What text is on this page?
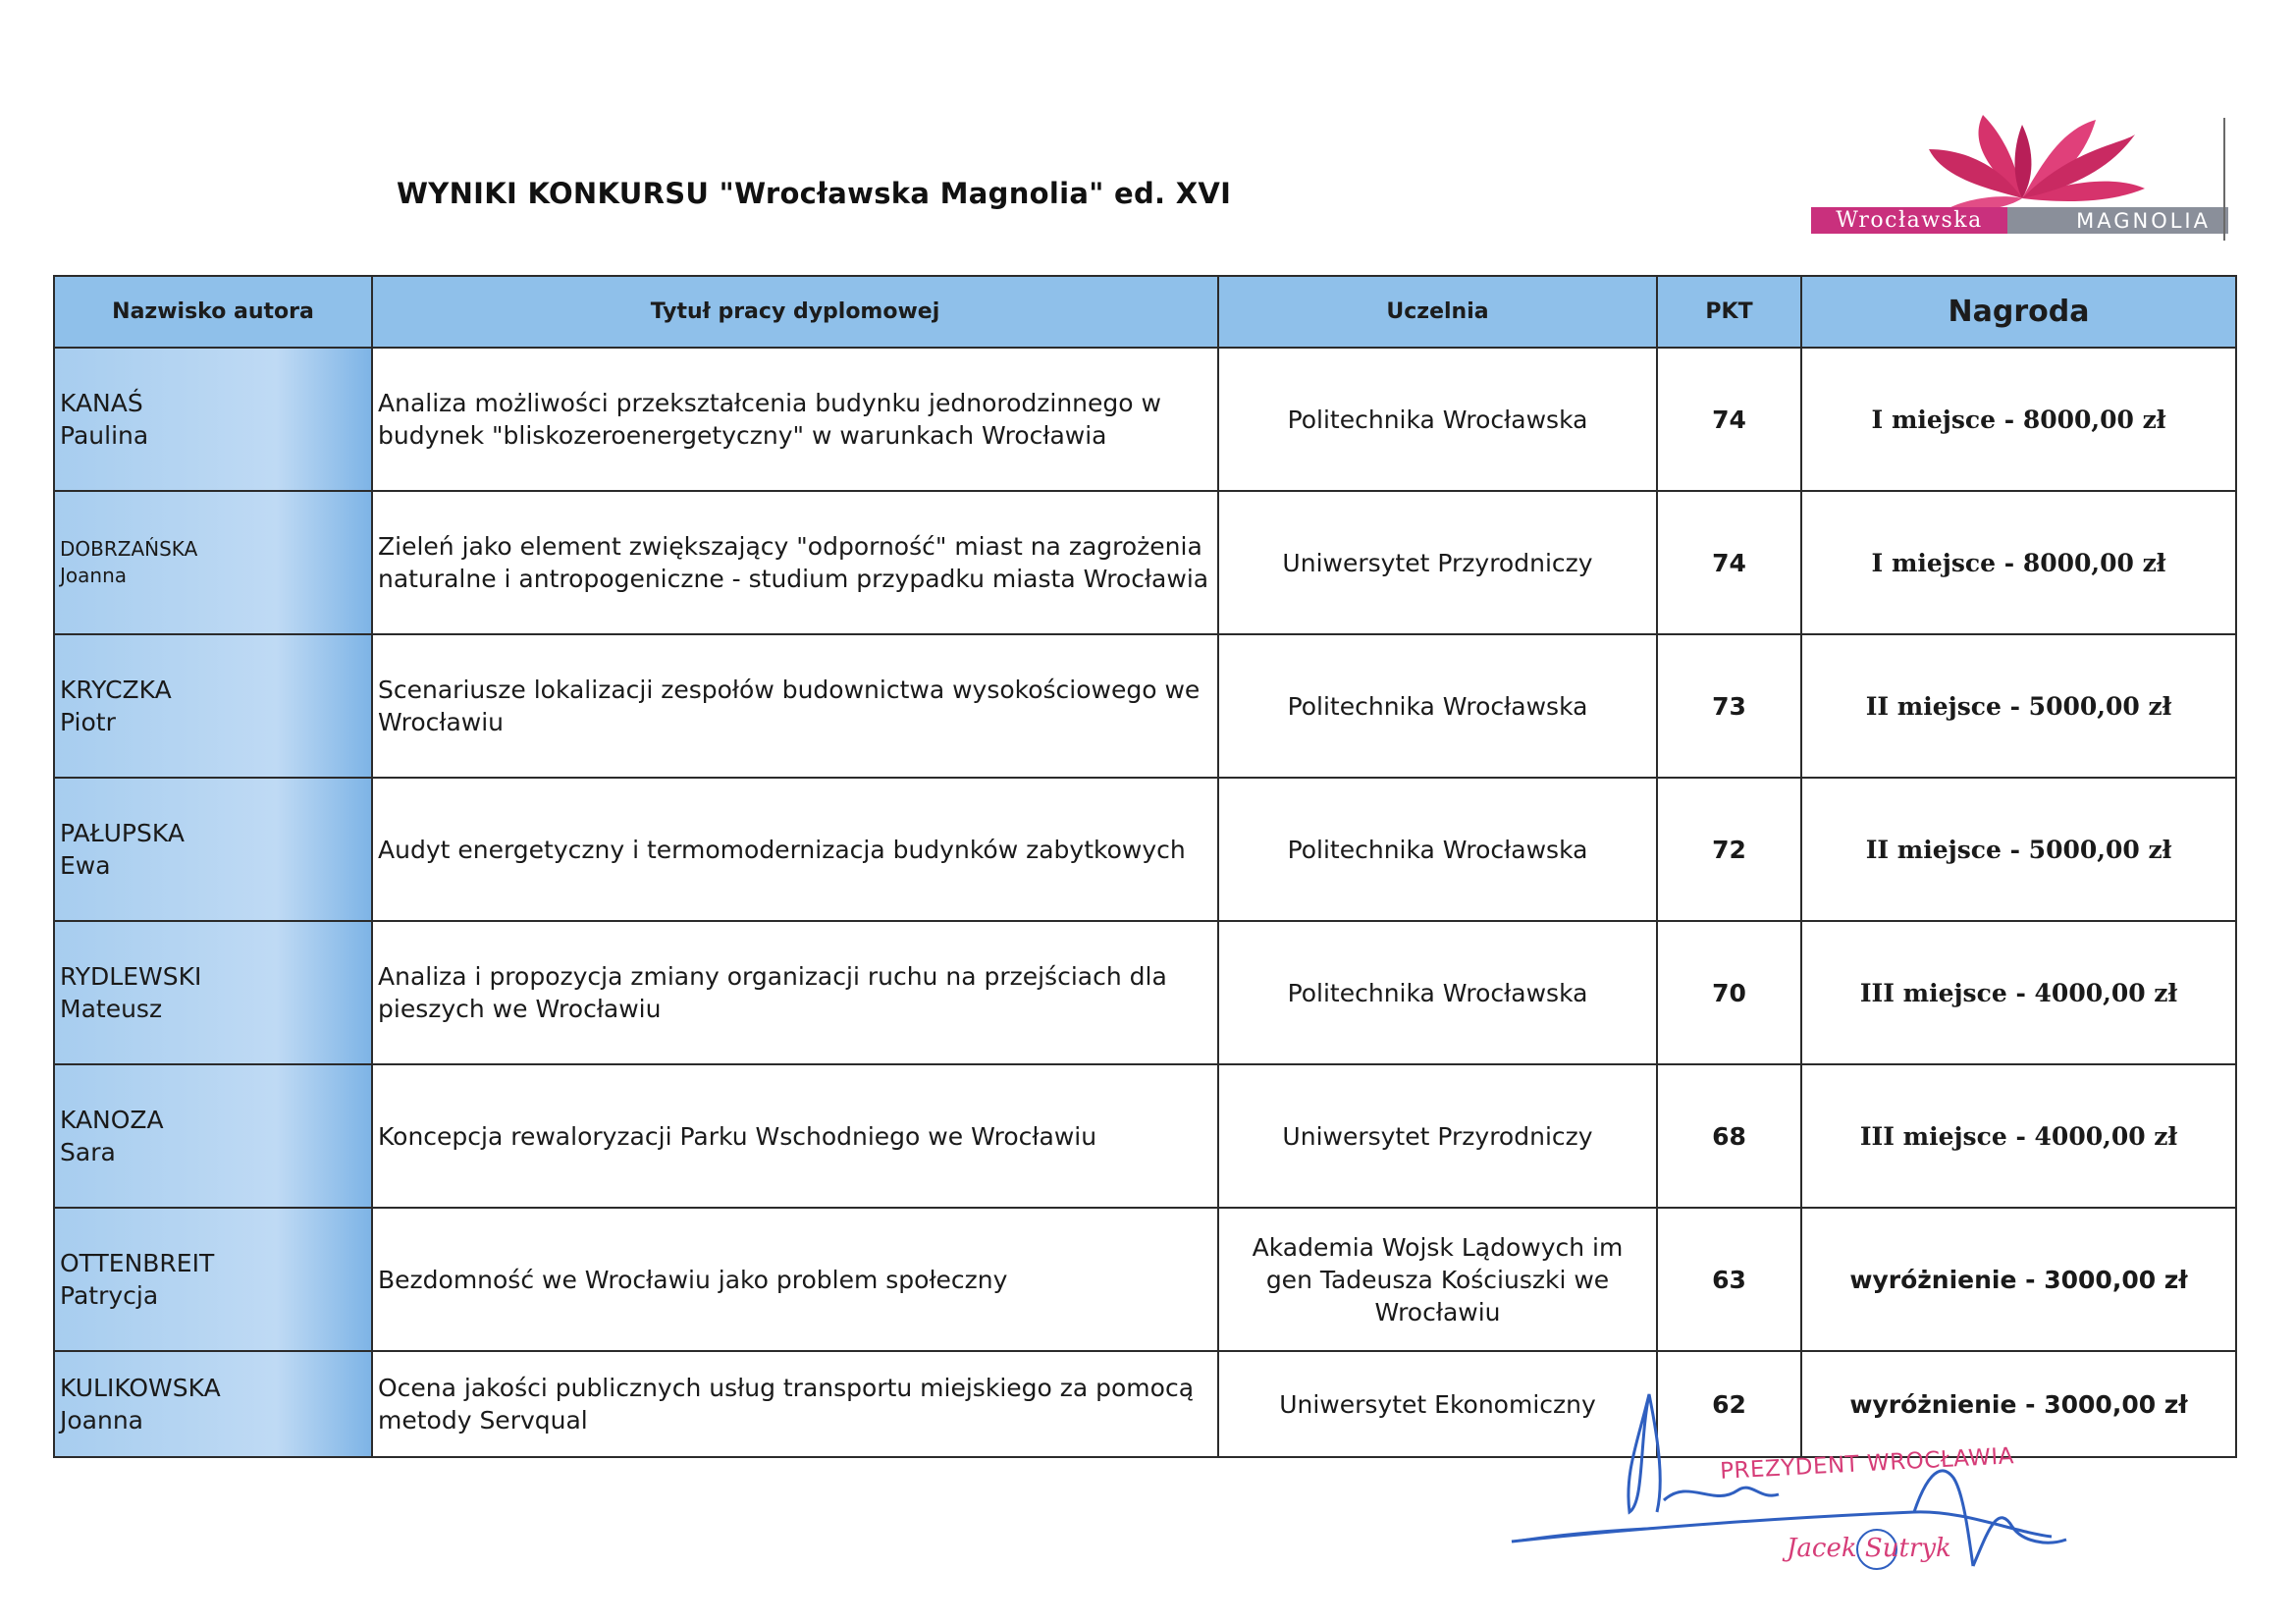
WYNIKI KONKURSU "Wrocławska Magnolia" ed. XVI
Wrocławska	MAGNOLIA
Nazwisko autora	Tytuł pracy dyplomowej	Uczelnia	PKT	Nagroda
KANAŚ
Paulina	Analiza możliwości przekształcenia budynku jednorodzinnego w budynek "bliskozeroenergetyczny" w warunkach Wrocławia	Politechnika Wrocławska	74	I miejsce - 8000,00 zł
DOBRZAŃSKA
Joanna	Zieleń jako element zwiększający "odporność" miast na zagrożenia naturalne i antropogeniczne - studium przypadku miasta Wrocławia	Uniwersytet Przyrodniczy	74	I miejsce - 8000,00 zł
KRYCZKA
Piotr	Scenariusze lokalizacji zespołów budownictwa wysokościowego we Wrocławiu	Politechnika Wrocławska	73	II miejsce - 5000,00 zł
PAŁUPSKA
Ewa	Audyt energetyczny i termomodernizacja budynków zabytkowych	Politechnika Wrocławska	72	II miejsce - 5000,00 zł
RYDLEWSKI
Mateusz	Analiza i propozycja zmiany organizacji ruchu na przejściach dla pieszych we Wrocławiu	Politechnika Wrocławska	70	III miejsce - 4000,00 zł
KANOZA
Sara	Koncepcja rewaloryzacji Parku Wschodniego we Wrocławiu	Uniwersytet Przyrodniczy	68	III miejsce - 4000,00 zł
OTTENBREIT
Patrycja	Bezdomność we Wrocławiu jako problem społeczny	Akademia Wojsk Lądowych im gen Tadeusza Kościuszki we Wrocławiu	63	wyróżnienie - 3000,00 zł
KULIKOWSKA
Joanna	Ocena jakości publicznych usług transportu miejskiego za pomocą metody Servqual	Uniwersytet Ekonomiczny	62	wyróżnienie - 3000,00 zł
PREZYDENT WROCŁAWIA
Jacek Sutryk
